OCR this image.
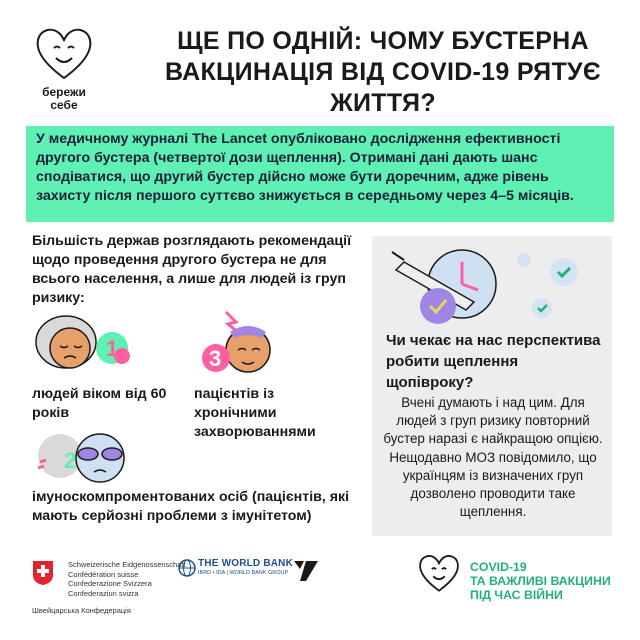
бережи
себе
ЩЕ ПО ОДНІЙ: ЧОМУ БУСТЕРНА ВАКЦИНАЦІЯ ВІД COVID-19 РЯТУЄ ЖИТТЯ?
У медичному журналі The Lancet опубліковано дослідження ефективності другого бустера (четвертої дози щеплення). Отримані дані дають шанс сподіватися, що другий бустер дійсно може бути доречним, адже рівень захисту після першого суттєво знижується в середньому через 4–5 місяців.
Більшість держав розглядають рекомендації щодо проведення другого бустера не для всього населення, а лише для людей із груп ризику:
1	3
2
людей віком від 60 років
пацієнтів із хронічними захворюваннями
імунoскомпрoментованих осіб (пацієнтів, які мають серйозні проблеми з імунітетом)
Чи чекає на нас перспектива робити щеплення щопівроку?
Вчені думають і над цим. Для людей з груп ризику повторний бустер наразі є найкращою опцією. Нещодавно МОЗ повідомило, що українцям із визначених груп дозволено проводити таке щеплення.
Schweizerische Eidgenossenschaft
Confédération suisse
Confederazione Svizzera
Confederaziun svizra
Швейцарська Конфедерація
THE WORLD BANK
IBRD • IDA | WORLD BANK GROUP	COVID-19
ТА ВАЖЛИВІ ВАКЦИНИ
ПІД ЧАС ВІЙНИ
